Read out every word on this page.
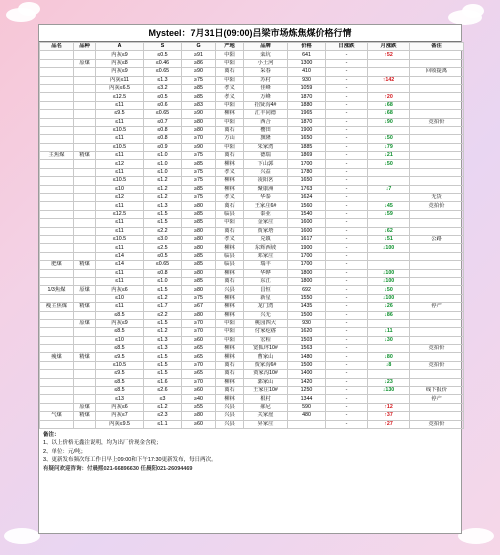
Mysteel：7月31日(09:00)吕梁市场炼焦煤价格行情
品名	品种	A	S	G	产地	品牌	价格	日涨跌	月涨跌	备注
		内灰≤9	≤0.5	≥91	中阳	栾坑	641	-	↑52	
	原煤	内灰≤8	≤0.46	≥86	中阳	小土河	1300	-		
		内灰≤9	≤0.65	≥90	离石	采春	410	-		回收提离
		内灰≤11	≤1.3	≥75	中阳	苏村	930	-	↑142	
		内灰≤6.5	≤3.2	≥85	孝义	佳峰	1059	-		
		≤12.5	≤0.5	≥85	孝义	万峰	1870	-	↑20	
		≤11	≤0.6	≥83	中阳	招贤沟4#	1880	-	↓68	
		≤9.5	≤0.65	≥90	柳林	汇丰同德	1965	-	↓68	
		≤11	≤0.7	≥80	中阳	西合	1870	-	↓90	竞拍价
		≤10.5	≤0.8	≥80	离石	樱田	1900	-		
		≤11	≤0.8	≥70	方山	旗隆	1650	-	↓50	
		≤10.5	≤0.9	≥90	中阳	朱家湾	1885	-	↓79	
主焦煤	精煤	≤11	≤1.0	≥75	离石	德瑞	1869	-	↓21	
		≤12	≤1.0	≥85	柳林	下山郭	1700	-	↓50	
		≤11	≤1.0	≥75	孝义	兴益	1780	-		
		≤10.5	≤1.2	≥75	柳林	凌阳茗	1650	-		
		≤10	≤1.2	≥85	柳林	聚康洲	1763	-	↓7	
		≤12	≤1.2	≥75	孝义	华泰	1624	-		无货
		≤11	≤1.3	≥80	离石	王家庄6#	1560	-	↓45	竞拍价
		≤12.5	≤1.5	≥85	临县	泰业	1540	-	↓59	
		≤11	≤1.5	≥85	中阳	金家庄	1600	-		
		≤11	≤2.2	≥80	离石	贾家塔	1600	-	↓62	
		≤10.5	≤3.0	≥80	孝义	兑镇	1617	-	↓51	公路
		≤11	≤2.5	≥80	柳林	东辉西坡	1900	-	↓100	
		≤14	≤0.5	≥85	临县	邓家庄	1700	-		
肥煤	精煤	≤14	≤0.65	≥85	临县	瑞丰	1700	-		
		≤11	≤0.8	≥80	柳林	华晔	1800	-	↓100	
		≤11	≤1.0	≥85	离石	东江	1800	-	↓100	
1/3焦煤	原煤	内灰≤6	≤1.5	≥80	兴县	昌恒	692	-	↓50	
		≤10	≤1.2	≥75	柳林	新星	1550	-	↓100	
瘦主焦煤	精煤	≤11	≤1.7	≥67	柳林	龙门湾	1435	-	↓26	停产
		≤8.5	≤2.2	≥80	柳林	兴无	1500	-	↓86	
	原煤	内灰≤9	≤1.5	≥70	中阳	桃园四大	930	-		
		≤8.5	≤1.2	≥70	中阳	付家疙瘩	1620	-	↓11	
		≤10	≤1.3	≥60	中阳	宏程	1503	-	↓30	
		≤8.5	≤1.3	≥65	柳林	宽狐坪10#	1563	-		竞拍价
瘦煤	精煤	≤9.5	≤1.5	≥65	柳林	曹家山	1480	-	↓80	
		≤10.5	≤1.5	≥70	离石	贾家沟6#	1500	-	↓8	竞拍价
		≤9.5	≤1.5	≥65	离石	贾家沟10#	1400	-		
		≤8.5	≤1.6	≥70	柳林	郭家山	1420	-	↓23	
		≤8.5	≤2.6	≥60	离石	王家庄10#	1250	-	↓130	线下报价
		≤13	≤3	≥40	柳林	根村	1344	-		停产
	原煤	内灰≤6	≤1.2	≥55	兴县	郝尼	590	-	↑12	
气煤	精煤	内灰≤7	≤2.3	≥80	兴县	关家崖	480	-	↑37	
		内灰≤9.5	≤1.1	≥60	兴县	昇家庄		-	↑27	竞拍价
备注：
1、以上价格无鑫注说明，均为出厂价现金含税；
2、单位：元/吨；
3、更新发布频次每工作日早上09:00和下午17:30更新发布，每日两次。
有疑问欢迎咨询：付晨熙021-66896630 任晨阳021-26094469
